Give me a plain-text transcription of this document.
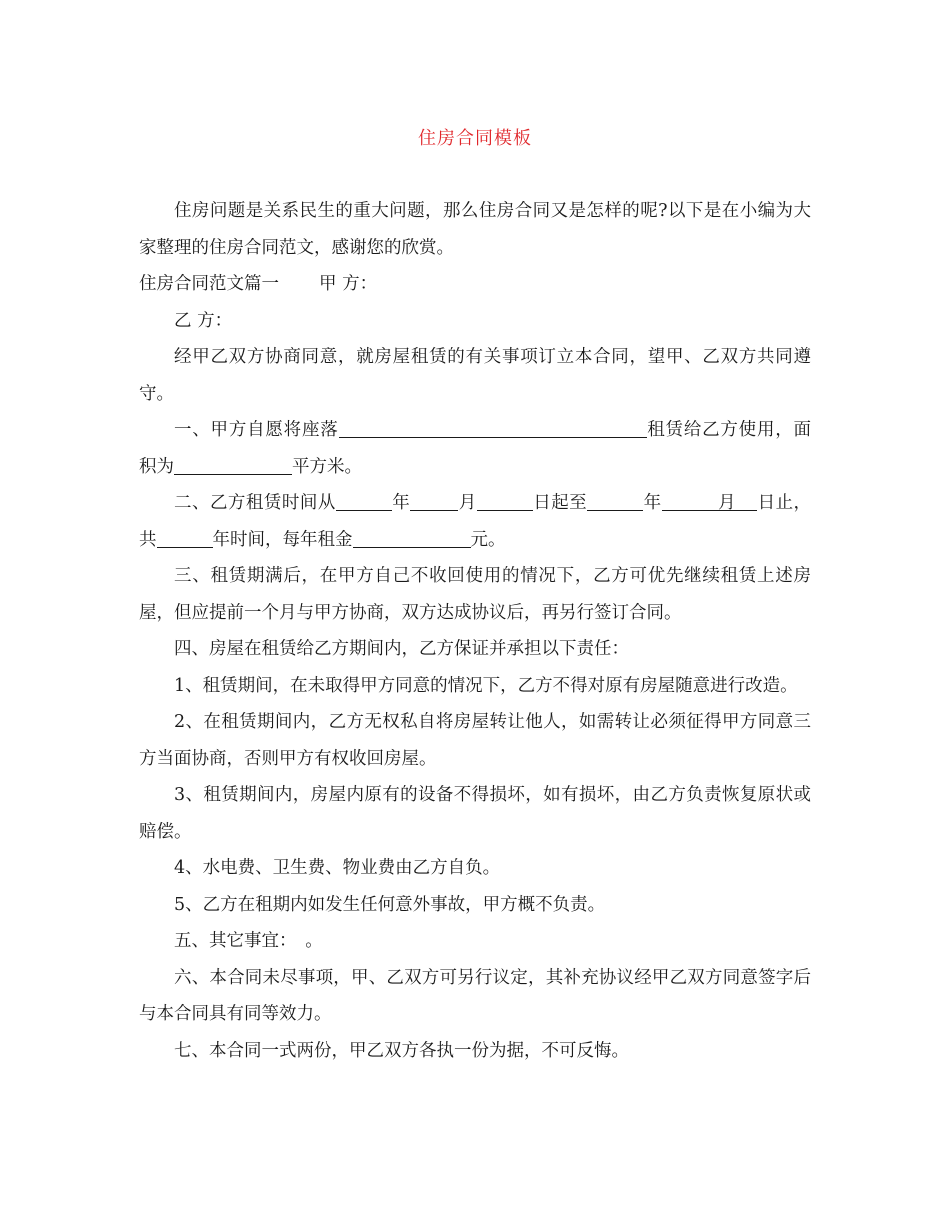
住房合同模板

住房问题是关系民生的重大问题，那么住房合同又是怎样的呢?以下是在小编为大家整理的住房合同范文，感谢您的欣赏。

住房合同范文篇一 甲 方：

乙 方：

经甲乙双方协商同意，就房屋租赁的有关事项订立本合同，望甲、乙双方共同遵守。

一、甲方自愿将座落	租赁给乙方使用，面积为	平方米。

二、乙方租赁时间从	年	月	日起至	年	月 日止，共	年时间，每年租金	元。

三、租赁期满后，在甲方自己不收回使用的情况下，乙方可优先继续租赁上述房屋，但应提前一个月与甲方协商，双方达成协议后，再另行签订合同。

四、房屋在租赁给乙方期间内，乙方保证并承担以下责任：

1、租赁期间，在未取得甲方同意的情况下，乙方不得对原有房屋随意进行改造。

2、在租赁期间内，乙方无权私自将房屋转让他人，如需转让必须征得甲方同意三方当面协商，否则甲方有权收回房屋。

3、租赁期间内，房屋内原有的设备不得损坏，如有损坏，由乙方负责恢复原状或赔偿。

4、水电费、卫生费、物业费由乙方自负。

5、乙方在租期内如发生任何意外事故，甲方概不负责。

五、其它事宜：　。

六、本合同未尽事项，甲、乙双方可另行议定，其补充协议经甲乙双方同意签字后与本合同具有同等效力。

七、本合同一式两份，甲乙双方各执一份为据，不可反悔。
